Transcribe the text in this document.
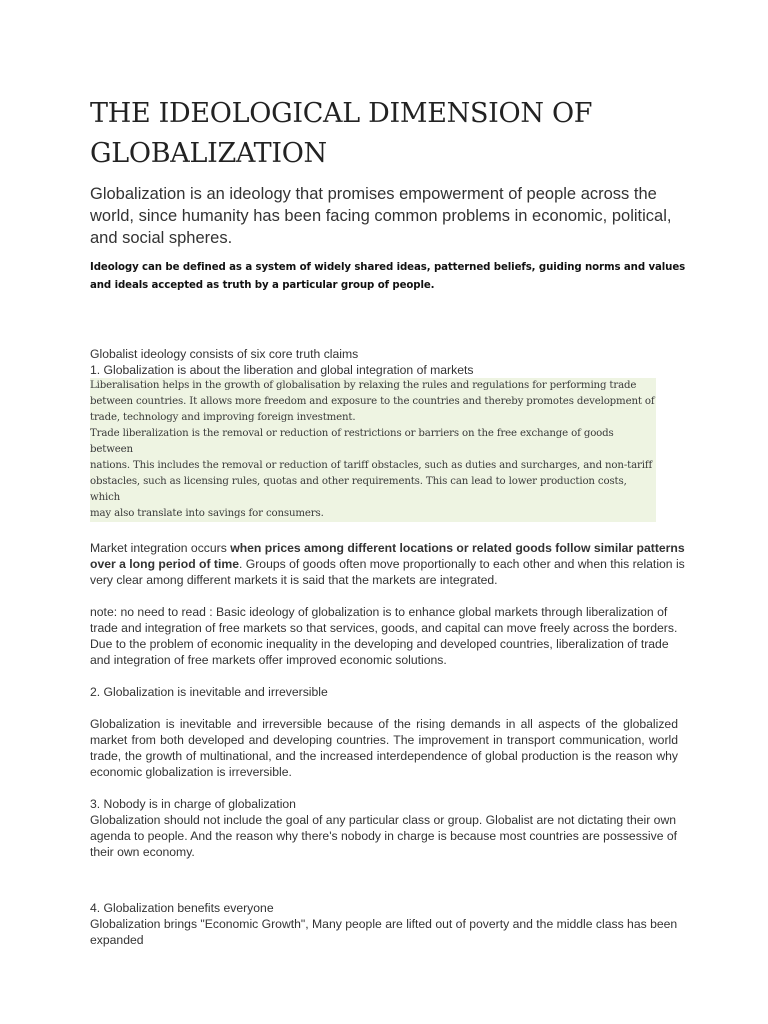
THE IDEOLOGICAL DIMENSION OF
GLOBALIZATION

Globalization is an ideology that promises empowerment of people across the world, since humanity has been facing common problems in economic, political, and social spheres.

Ideology can be defined as a system of widely shared ideas, patterned beliefs, guiding norms and values and ideals accepted as truth by a particular group of people.

Globalist ideology consists of six core truth claims

1. Globalization is about the liberation and global integration of markets

Liberalisation helps in the growth of globalisation by relaxing the rules and regulations for performing trade
between countries. It allows more freedom and exposure to the countries and thereby promotes development of
trade, technology and improving foreign investment.
Trade liberalization is the removal or reduction of restrictions or barriers on the free exchange of goods between
nations. This includes the removal or reduction of tariff obstacles, such as duties and surcharges, and non-tariff
obstacles, such as licensing rules, quotas and other requirements. This can lead to lower production costs, which
may also translate into savings for consumers.

Market integration occurs when prices among different locations or related goods follow similar patterns over a long period of time. Groups of goods often move proportionally to each other and when this relation is very clear among different markets it is said that the markets are integrated.

note: no need to read : Basic ideology of globalization is to enhance global markets through liberalization of trade and integration of free markets so that services, goods, and capital can move freely across the borders. Due to the problem of economic inequality in the developing and developed countries, liberalization of trade and integration of free markets offer improved economic solutions.

2. Globalization is inevitable and irreversible

Globalization is inevitable and irreversible because of the rising demands in all aspects of the globalized market from both developed and developing countries. The improvement in transport communication, world trade, the growth of multinational, and the increased interdependence of global production is the reason why economic globalization is irreversible.

3. Nobody is in charge of globalization

Globalization should not include the goal of any particular class or group. Globalist are not dictating their own agenda to people. And the reason why there's nobody in charge is because most countries are possessive of their own economy.

4. Globalization benefits everyone

Globalization brings "Economic Growth", Many people are lifted out of poverty and the middle class has been expanded
